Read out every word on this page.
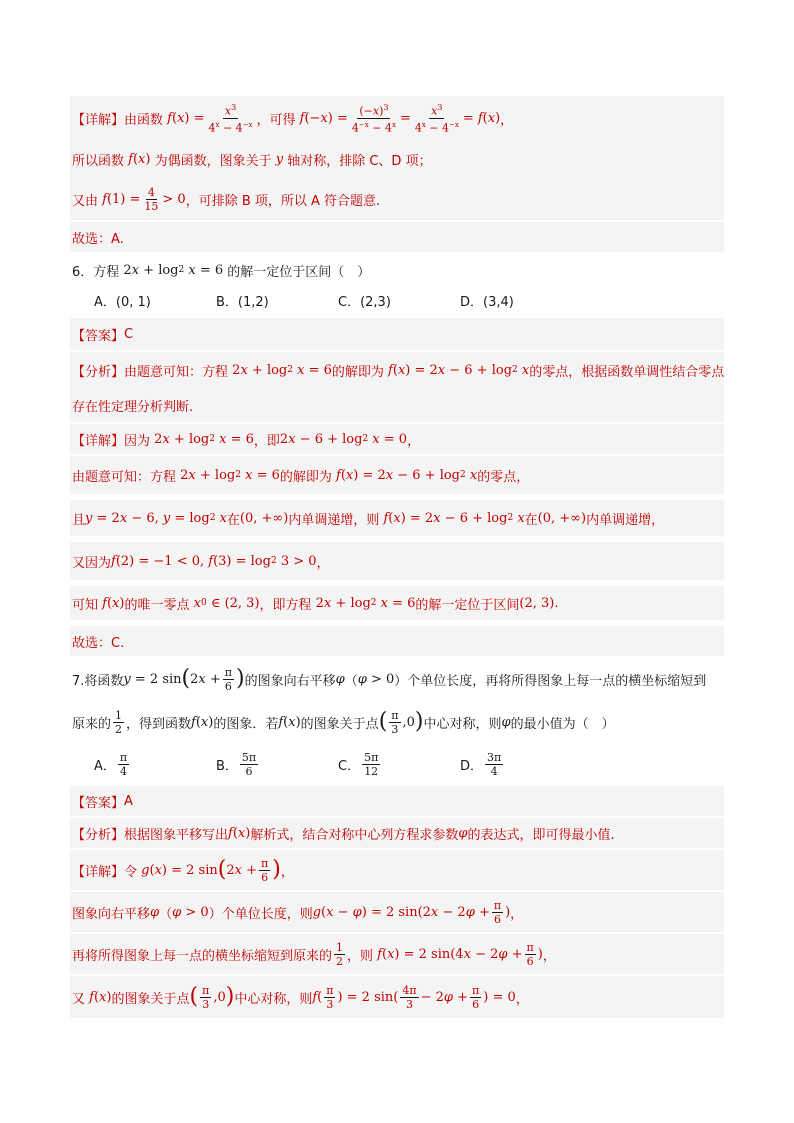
【详解】 由函数 f ( x ) = $\frac{x^3}{4^x - 4^{-x}}$ ，可得 f (− x ) = $\frac{(-x)^3}{4^{-x} - 4^x} = \frac{x^3}{4^x - 4^{-x}} = f$ ( x ) ，
所以函数 f ( x ) 为偶函数，图象关于 y 轴对称，排除 C、D 项；
又由 f $(1) = \frac{4}{15} > 0$ ，可排除 B 项，所以 A 符合题意.
故选：A.
6．方程 2 x + log 2 x = 6 的解一定位于区间（　）
A．(0, 1)	B．(1,2)	C．(2,3)	D．(3,4)
【答案】 C
【分析】 由题意可知：方程 2 x + log 2 x = 6 的解即为 f ( x ) = 2 x − 6 + log 2 x 的零点，根据函数单调性结合零点
存在性定理分析判断.
【详解】 因为 2 x + log 2 x = 6 ，即 2 x − 6 + log 2 x = 0 ，
由题意可知：方程 2 x + log 2 x = 6 的解即为 f ( x ) = 2 x − 6 + log 2 x 的零点，
且 y = 2 x − 6, y = log 2 x 在 (0, +∞) 内单调递增，则 f ( x ) = 2 x − 6 + log 2 x 在 (0, +∞) 内单调递增，
又因为 f (2) = −1 < 0, f (3) = log 2 3 > 0 ，
可知 f ( x ) 的唯一零点 x 0 ∈ (2, 3) ，即方程 2 x + log 2 x = 6 的解一定位于区间 (2, 3) .
故选：C.
7.将函数 y = 2 sin ( 2 $x + \frac{\pi}{6}$ ) 的图象向右平移 φ （ φ > 0 ）个单位长度，再将所得图象上每一点的横坐标缩短到
原来的 $\frac{1}{2}$ ，得到函数 f ( x ) 的图象．若 f ( x ) 的图象关于点 ( $\frac{\pi}{3} ,0$ ) 中心对称，则 φ 的最小值为（　）
A． $\frac{\pi}{4}$	B． $\frac{5\pi}{6}$	C． $\frac{5\pi}{12}$	D． $\frac{3\pi}{4}$
【答案】 A
【分析】 根据图象平移写出 f ( x ) 解析式，结合对称中心列方程求参数 φ 的表达式，即可得最小值.
【详解】 令 g ( x ) = 2 sin ( 2 $x + \frac{\pi}{6}$ ) ，
图象向右平移 φ （ φ > 0 ）个单位长度，则 g ( x − φ ) = 2 sin(2 x − 2 $\varphi + \frac{\pi}{6}$ ) ，
再将所得图象上每一点的横坐标缩短到原来的 $\frac{1}{2}$ ，则 f ( x ) = 2 sin(4 x − 2 $\varphi + \frac{\pi}{6}$ ) ，
又 f ( x ) 的图象关于点 ( $\frac{\pi}{3} ,0$ ) 中心对称，则 f ( $\frac{\pi}{3}$ ) = 2 $\sin( \frac{4\pi}{3} - 2$ $\varphi + \frac{\pi}{6}$ ) = 0 ，
